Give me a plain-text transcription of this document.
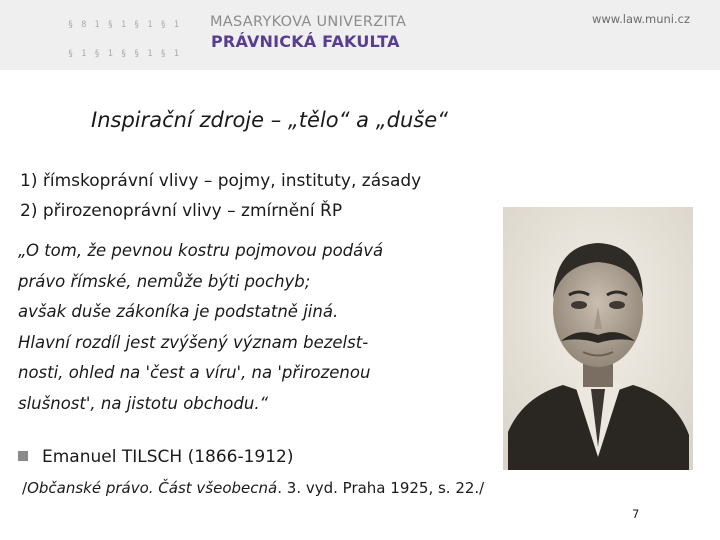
§ 8 1 § 1 § 1 § 1

§ 1 § 1 § § 1 § 1

MASARYKOVA UNIVERZITA
PRÁVNICKÁ FAKULTA
www.law.muni.cz
Inspirační zdroje – „tělo“ a „duše“
1) římskoprávní vlivy – pojmy, instituty, zásady
2) přirozenoprávní vlivy – zmírnění ŘP
„O tom, že pevnou kostru pojmovou podává
právo římské, nemůže býti pochyb;
avšak duše zákoníka je podstatně jiná.
Hlavní rozdíl jest zvýšený význam bezelst-
nosti, ohled na 'čest a víru', na 'přirozenou
slušnost', na jistotu obchodu.“
Emanuel TILSCH (1866-1912)
/Občanské právo. Část všeobecná. 3. vyd. Praha 1925, s. 22./
7
